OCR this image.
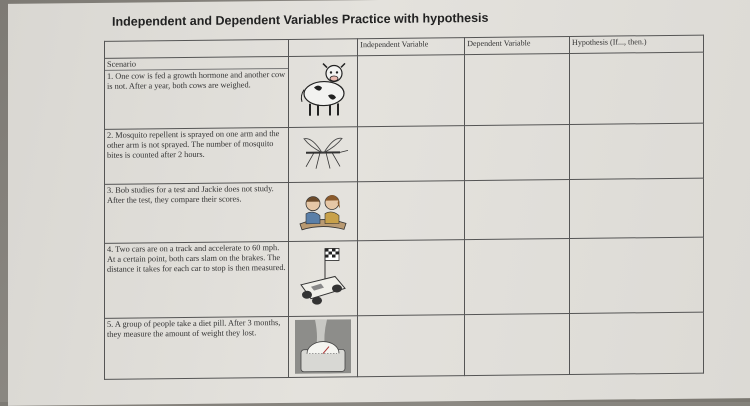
Independent and Dependent Variables Practice with hypothesis
		Independent Variable	Dependent Variable	Hypothesis (If..., then.)

Scenario
1. One cow is fed a growth hormone and another cow is not. After a year, both cows are weighed.	

2. Mosquito repellent is sprayed on one arm and the other arm is not sprayed. The number of mosquito bites is counted after 2 hours.	

3. Bob studies for a test and Jackie does not study. After the test, they compare their scores.	

4. Two cars are on a track and accelerate to 60 mph. At a certain point, both cars slam on the brakes. The distance it takes for each car to stop is then measured.	

5. A group of people take a diet pill. After 3 months, they measure the amount of weight they lost.	
